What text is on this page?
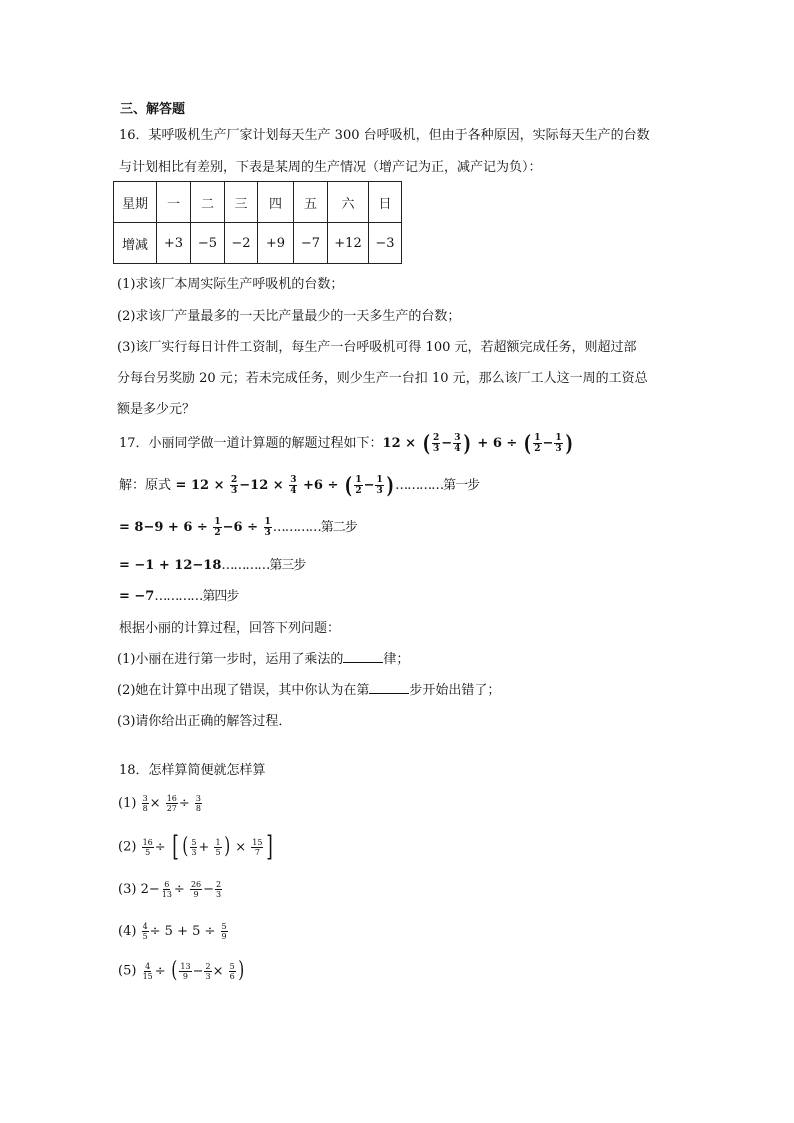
三、解答题
16．某呼吸机生产厂家计划每天生产 300 台呼吸机，但由于各种原因，实际每天生产的台数
与计划相比有差别，下表是某周的生产情况（增产记为正，减产记为负）：
星期	一	二	三	四	五	六	日
增减	+3	−5	−2	+9	−7	+12	−3
(1)求该厂本周实际生产呼吸机的台数；
(2)求该厂产量最多的一天比产量最少的一天多生产的台数；
(3)该厂实行每日计件工资制，每生产一台呼吸机可得 100 元，若超额完成任务，则超过部
分每台另奖励 20 元；若未完成任务，则少生产一台扣 10 元，那么该厂工人这一周的工资总
额是多少元？
17．小丽同学做一道计算题的解题过程如下：12 × ( $\frac{2}{3} - \frac{3}{4}$ ) + 6 ÷ ( $\frac{1}{2} - \frac{1}{3}$ )
解：原式 = $12 \times \frac{2}{3} -12 \times \frac{3}{4} +6$ ÷ ( $\frac{1}{2} - \frac{1}{3}$ ) …………第一步
= $8-9 + 6 \div \frac{1}{2} -6 \div \frac{1}{3}$ …………第二步
= −1 + 12−18…………第三步
= −7…………第四步
根据小丽的计算过程，回答下列问题：
(1)小丽在进行第一步时，运用了乘法的	律；
(2)她在计算中出现了错误，其中你认为在第	步开始出错了；
(3)请你给出正确的解答过程．
18．怎样算简便就怎样算
$(1) \frac{3}{8} \times \frac{16}{27} \div \frac{3}{8}$
$(2) \frac{16}{5}$ ÷ [ ( $\frac{5}{3} + \frac{1}{5}$ ) × $\frac{15}{7}$ ]
(3) $2- \frac{6}{13} \div \frac{26}{9} - \frac{2}{3}$
$(4) \frac{4}{5} \div 5 + 5 \div \frac{5}{9}$
$(5) \frac{4}{15}$ ÷ ( $\frac{13}{9} - \frac{2}{3} \times \frac{5}{6}$ )
